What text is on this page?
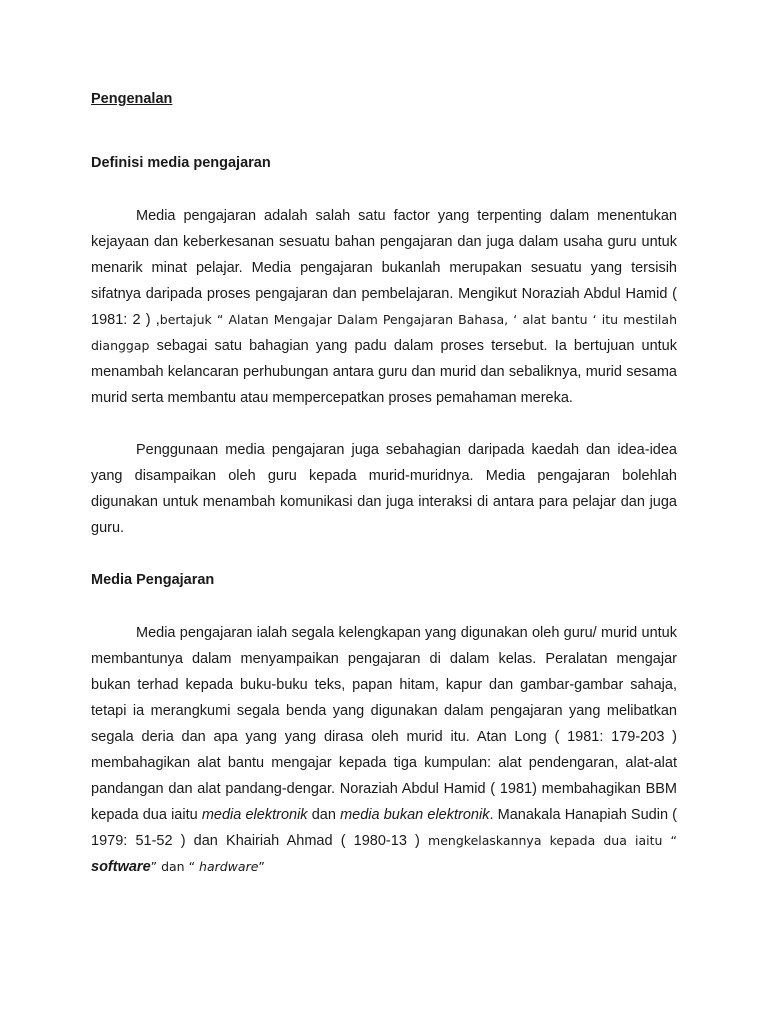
Pengenalan
Definisi media pengajaran

Media pengajaran adalah salah satu factor yang terpenting dalam menentukan kejayaan dan keberkesanan sesuatu bahan pengajaran dan juga dalam usaha guru untuk menarik minat pelajar. Media pengajaran bukanlah merupakan sesuatu yang tersisih sifatnya daripada proses pengajaran dan pembelajaran. Mengikut Noraziah Abdul Hamid ( 1981: 2 ) ,bertajuk “ Alatan Mengajar Dalam Pengajaran Bahasa, ‘ alat bantu ‘ itu mestilah dianggap sebagai satu bahagian yang padu dalam proses tersebut. Ia bertujuan untuk menambah kelancaran perhubungan antara guru dan murid dan sebaliknya, murid sesama murid serta membantu atau mempercepatkan proses pemahaman mereka.

Penggunaan media pengajaran juga sebahagian daripada kaedah dan idea-idea yang disampaikan oleh guru kepada murid-muridnya. Media pengajaran bolehlah digunakan untuk menambah komunikasi dan juga interaksi di antara para pelajar dan juga guru.

Media Pengajaran

Media pengajaran ialah segala kelengkapan yang digunakan oleh guru/ murid untuk membantunya dalam menyampaikan pengajaran di dalam kelas. Peralatan mengajar bukan terhad kepada buku-buku teks, papan hitam, kapur dan gambar-gambar sahaja, tetapi ia merangkumi segala benda yang digunakan dalam pengajaran yang melibatkan segala deria dan apa yang yang dirasa oleh murid itu. Atan Long ( 1981: 179-203 ) membahagikan alat bantu mengajar kepada tiga kumpulan: alat pendengaran, alat-alat pandangan dan alat pandang-dengar. Noraziah Abdul Hamid ( 1981) membahagikan BBM kepada dua iaitu media elektronik dan media bukan elektronik. Manakala Hanapiah Sudin ( 1979: 51-52 ) dan Khairiah Ahmad ( 1980-13 ) mengkelaskannya kepada dua iaitu “ software” dan “ hardware”
